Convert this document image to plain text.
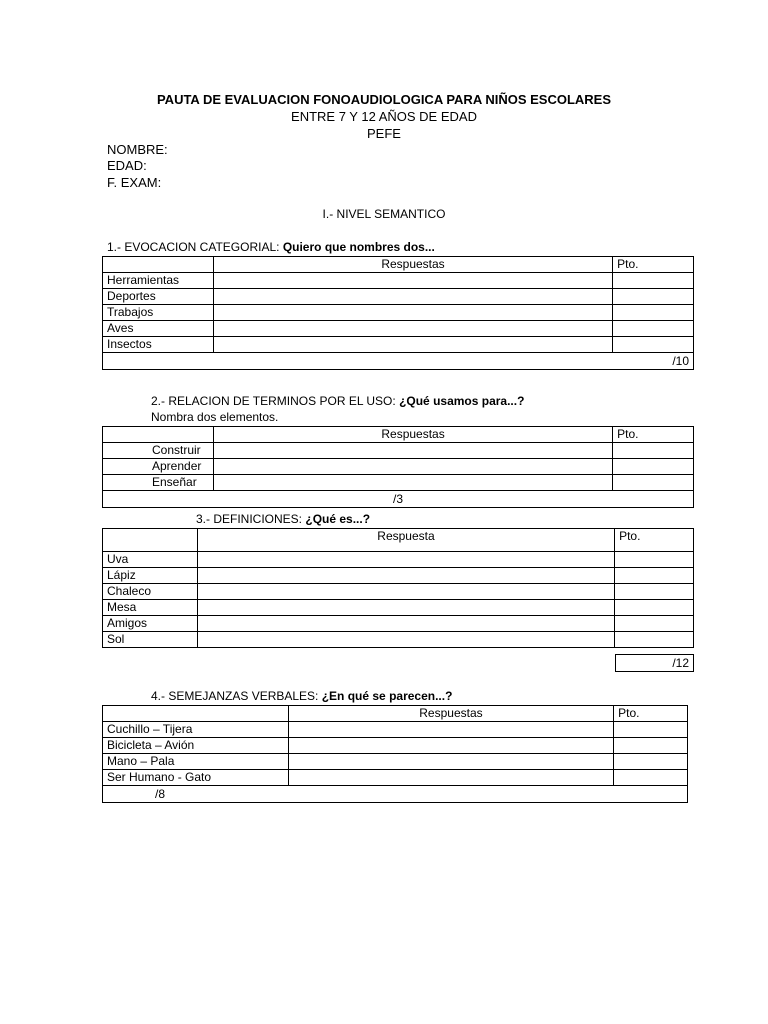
PAUTA DE EVALUACION FONOAUDIOLOGICA PARA NIÑOS ESCOLARES
ENTRE 7 Y 12 AÑOS DE EDAD
PEFE
NOMBRE:
EDAD:
F. EXAM:
I.- NIVEL SEMANTICO
1.- EVOCACION CATEGORIAL: Quiero que nombres dos...
	Respuestas	Pto.
Herramientas		
Deportes		
Trabajos		
Aves		
Insectos		
/10		
2.- RELACION DE TERMINOS POR EL USO: ¿Qué usamos para...?
Nombra dos elementos.
	Respuestas	Pto.
Construir		
Aprender		
Enseñar		
/3		
3.- DEFINICIONES: ¿Qué es...?
	Respuesta	Pto.
Uva		
Lápiz		
Chaleco		
Mesa		
Amigos		
Sol		
/12
4.- SEMEJANZAS VERBALES: ¿En qué se parecen...?
	Respuestas	Pto.
Cuchillo – Tijera		
Bicicleta – Avión		
Mano – Pala		
Ser Humano - Gato		
/8		
